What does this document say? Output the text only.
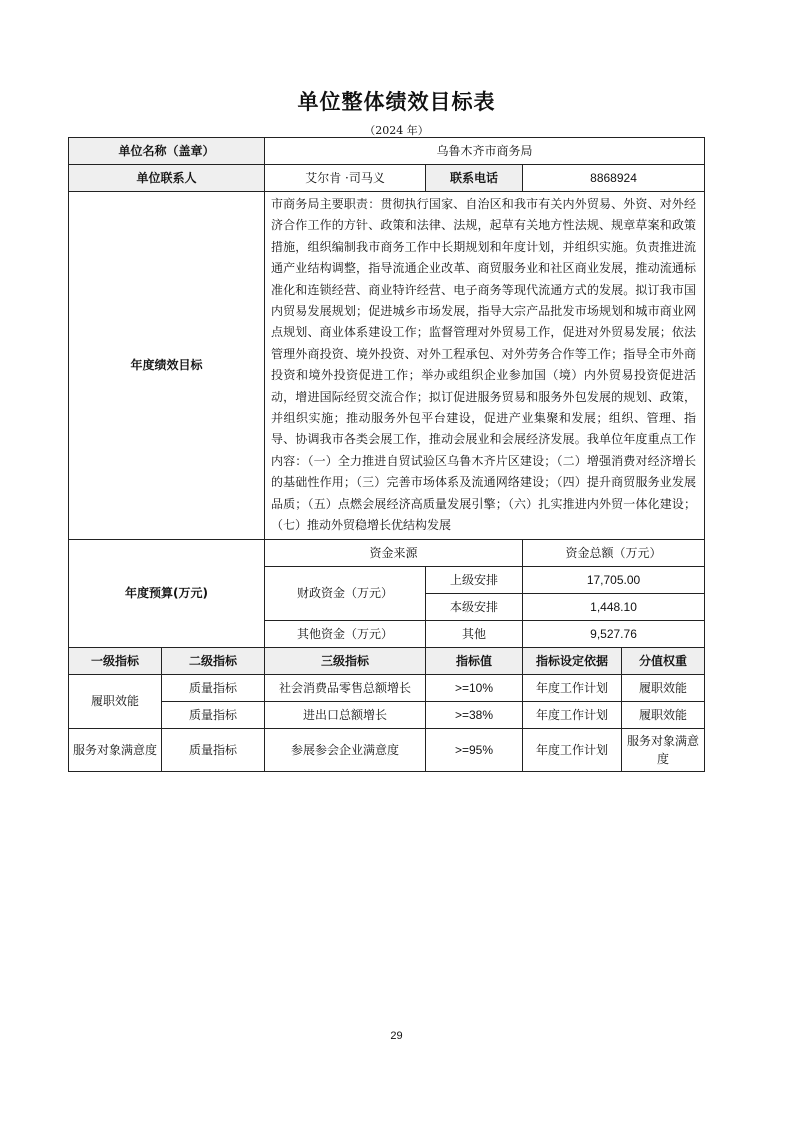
单位整体绩效目标表
（2024 年）
单位名称（盖章）		乌鲁木齐市商务局			
单位联系人		艾尔肯 ·司马义	联系电话	8868924	
年度绩效目标		市商务局主要职责：贯彻执行国家、自治区和我市有关内外贸易、外资、对外经济合作工作的方针、政策和法律、法规，起草有关地方性法规、规章草案和政策措施，组织编制我市商务工作中长期规划和年度计划，并组织实施。负责推进流通产业结构调整，指导流通企业改革、商贸服务业和社区商业发展，推动流通标准化和连锁经营、商业特许经营、电子商务等现代流通方式的发展。拟订我市国内贸易发展规划；促进城乡市场发展，指导大宗产品批发市场规划和城市商业网点规划、商业体系建设工作；监督管理对外贸易工作，促进对外贸易发展；依法管理外商投资、境外投资、对外工程承包、对外劳务合作等工作；指导全市外商投资和境外投资促进工作；举办或组织企业参加国（境）内外贸易投资促进活动，增进国际经贸交流合作；拟订促进服务贸易和服务外包发展的规划、政策，并组织实施；推动服务外包平台建设，促进产业集聚和发展；组织、管理、指导、协调我市各类会展工作，推动会展业和会展经济发展。我单位年度重点工作内容：（一）全力推进自贸试验区乌鲁木齐片区建设；（二）增强消费对经济增长的基础性作用；（三）完善市场体系及流通网络建设；（四）提升商贸服务业发展品质；（五）点燃会展经济高质量发展引擎；（六）扎实推进内外贸一体化建设；（七）推动外贸稳增长优结构发展			
年度预算(万元)		资金来源		资金总额（万元）	
		财政资金（万元）	上级安排	17,705.00	
			本级安排	1,448.10	
		其他资金（万元）	其他	9,527.76	
一级指标	二级指标	三级指标	指标值	指标设定依据	分值权重
履职效能	质量指标	社会消费品零售总额增长	>=10%	年度工作计划	履职效能
	质量指标	进出口总额增长	>=38%	年度工作计划	履职效能
服务对象满意度	质量指标	参展参会企业满意度	>=95%	年度工作计划	服务对象满意度
29
